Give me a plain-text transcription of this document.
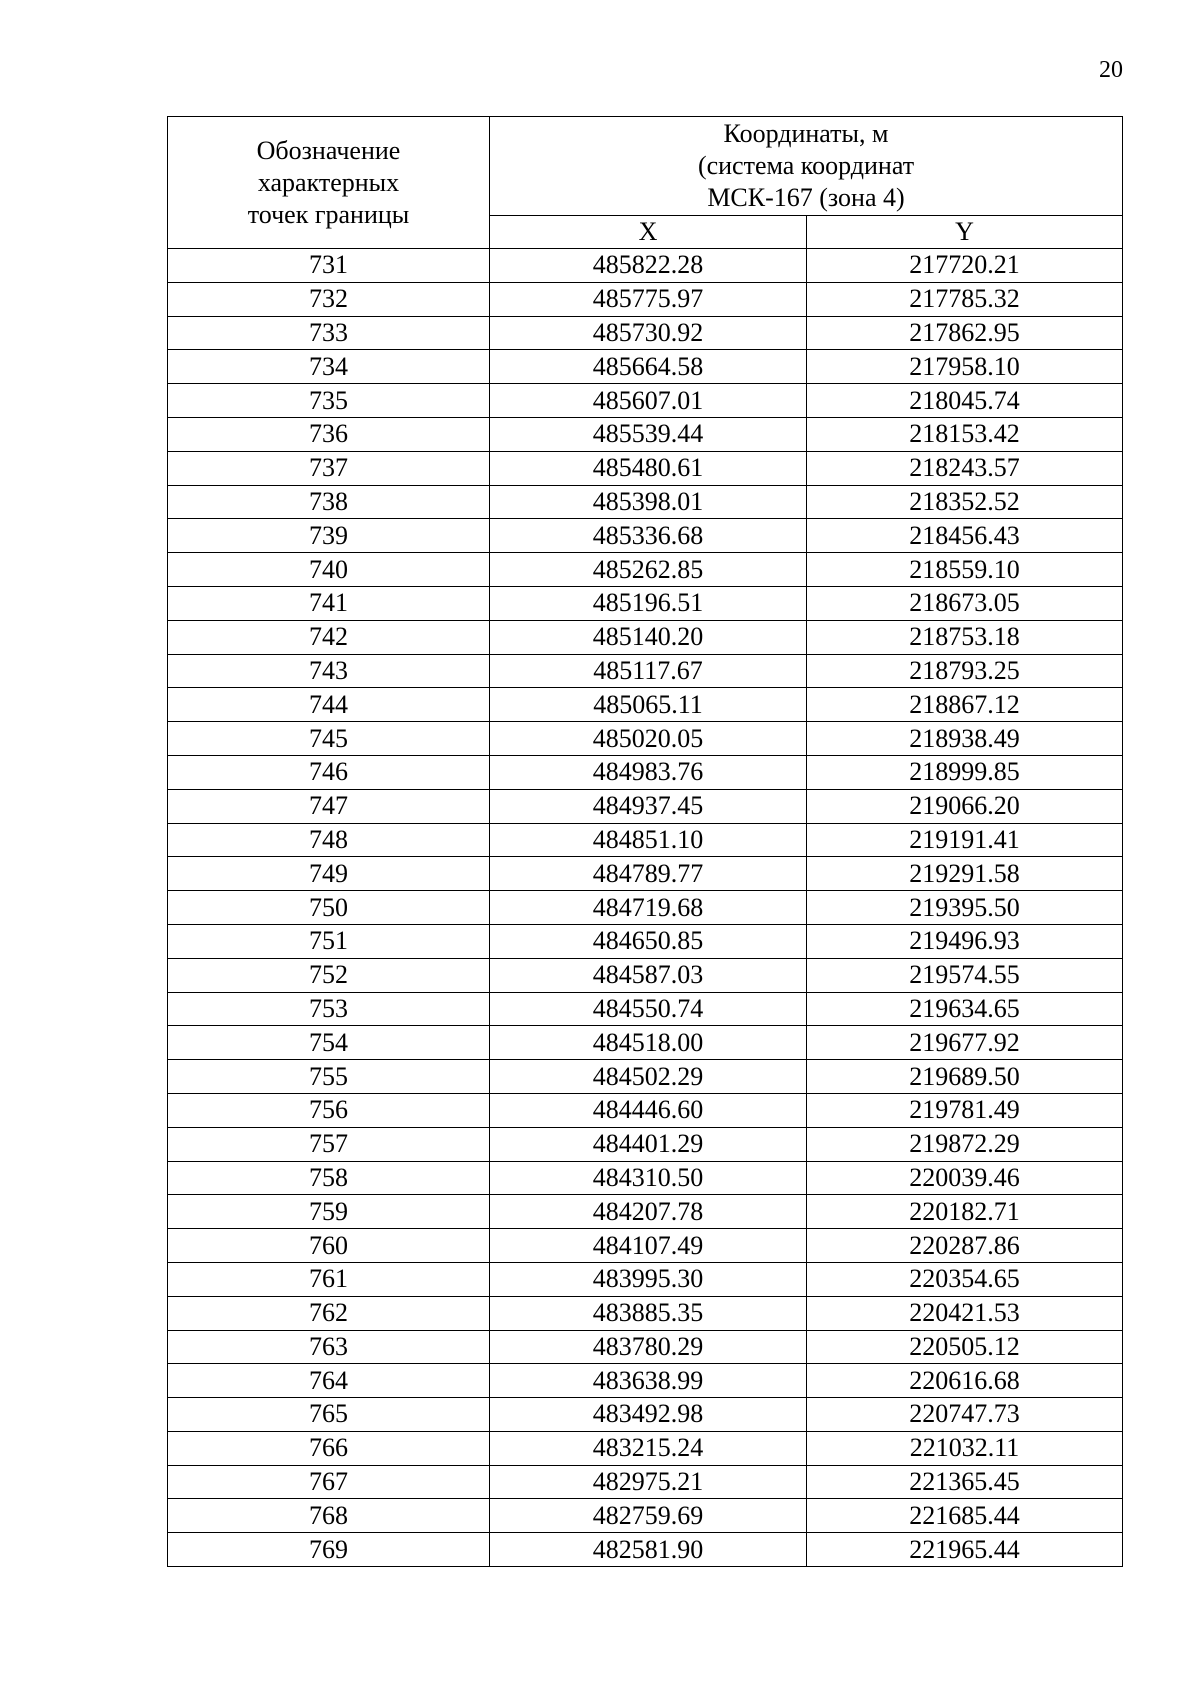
20
Обозначение
характерных
точек границы	Координаты, м
(система координат
МСК-167 (зона 4)	

	X	Y
731	485822.28	217720.21
732	485775.97	217785.32
733	485730.92	217862.95
734	485664.58	217958.10
735	485607.01	218045.74
736	485539.44	218153.42
737	485480.61	218243.57
738	485398.01	218352.52
739	485336.68	218456.43
740	485262.85	218559.10
741	485196.51	218673.05
742	485140.20	218753.18
743	485117.67	218793.25
744	485065.11	218867.12
745	485020.05	218938.49
746	484983.76	218999.85
747	484937.45	219066.20
748	484851.10	219191.41
749	484789.77	219291.58
750	484719.68	219395.50
751	484650.85	219496.93
752	484587.03	219574.55
753	484550.74	219634.65
754	484518.00	219677.92
755	484502.29	219689.50
756	484446.60	219781.49
757	484401.29	219872.29
758	484310.50	220039.46
759	484207.78	220182.71
760	484107.49	220287.86
761	483995.30	220354.65
762	483885.35	220421.53
763	483780.29	220505.12
764	483638.99	220616.68
765	483492.98	220747.73
766	483215.24	221032.11
767	482975.21	221365.45
768	482759.69	221685.44
769	482581.90	221965.44
